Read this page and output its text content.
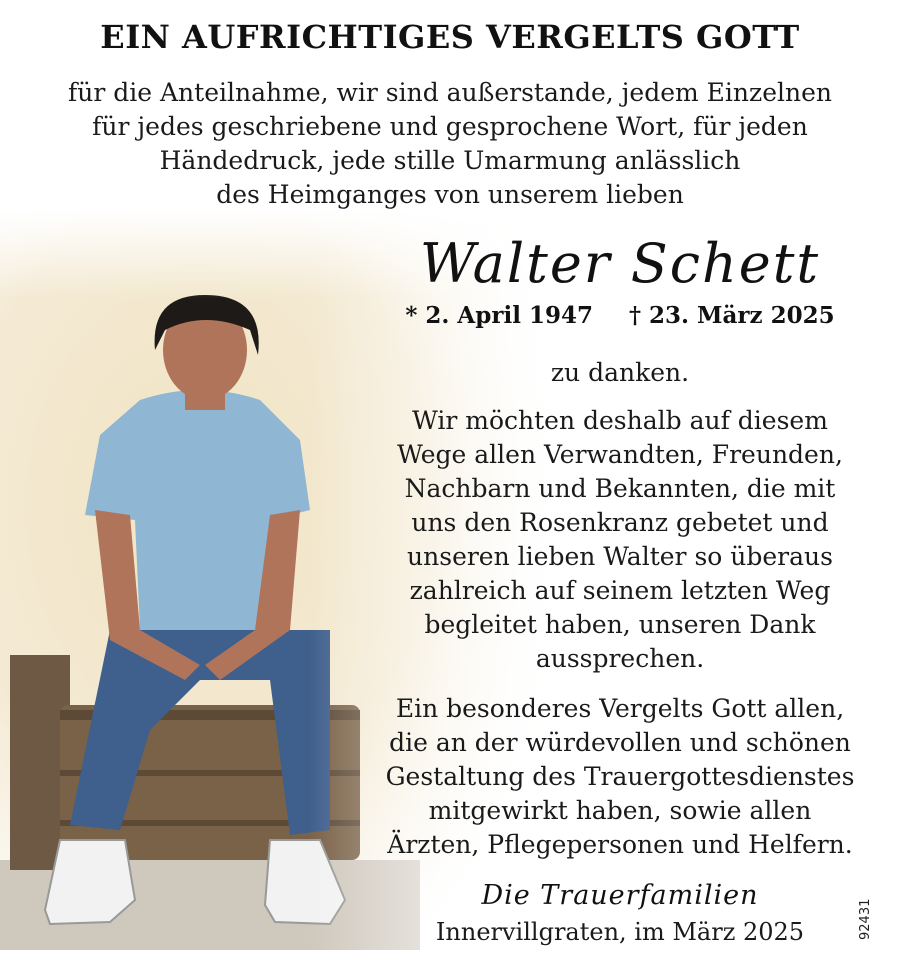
EIN AUFRICHTIGES VERGELTS GOTT
für die Anteilnahme, wir sind außerstande, jedem Einzelnen
für jedes geschriebene und gesprochene Wort, für jeden
Händedruck, jede stille Umarmung anlässlich
des Heimganges von unserem lieben
Walter Schett
* 2. April 1947 † 23. März 2025
zu danken.
Wir möchten deshalb auf diesem
Wege allen Verwandten, Freunden,
Nachbarn und Bekannten, die mit
uns den Rosenkranz gebetet und
unseren lieben Walter so überaus
zahlreich auf seinem letzten Weg
begleitet haben, unseren Dank
aussprechen.
Ein besonderes Vergelts Gott allen,
die an der würdevollen und schönen
Gestaltung des Trauergottesdienstes
mitgewirkt haben, sowie allen
Ärzten, Pflegepersonen und Helfern.
Die Trauerfamilien
Innervillgraten, im März 2025	92431
